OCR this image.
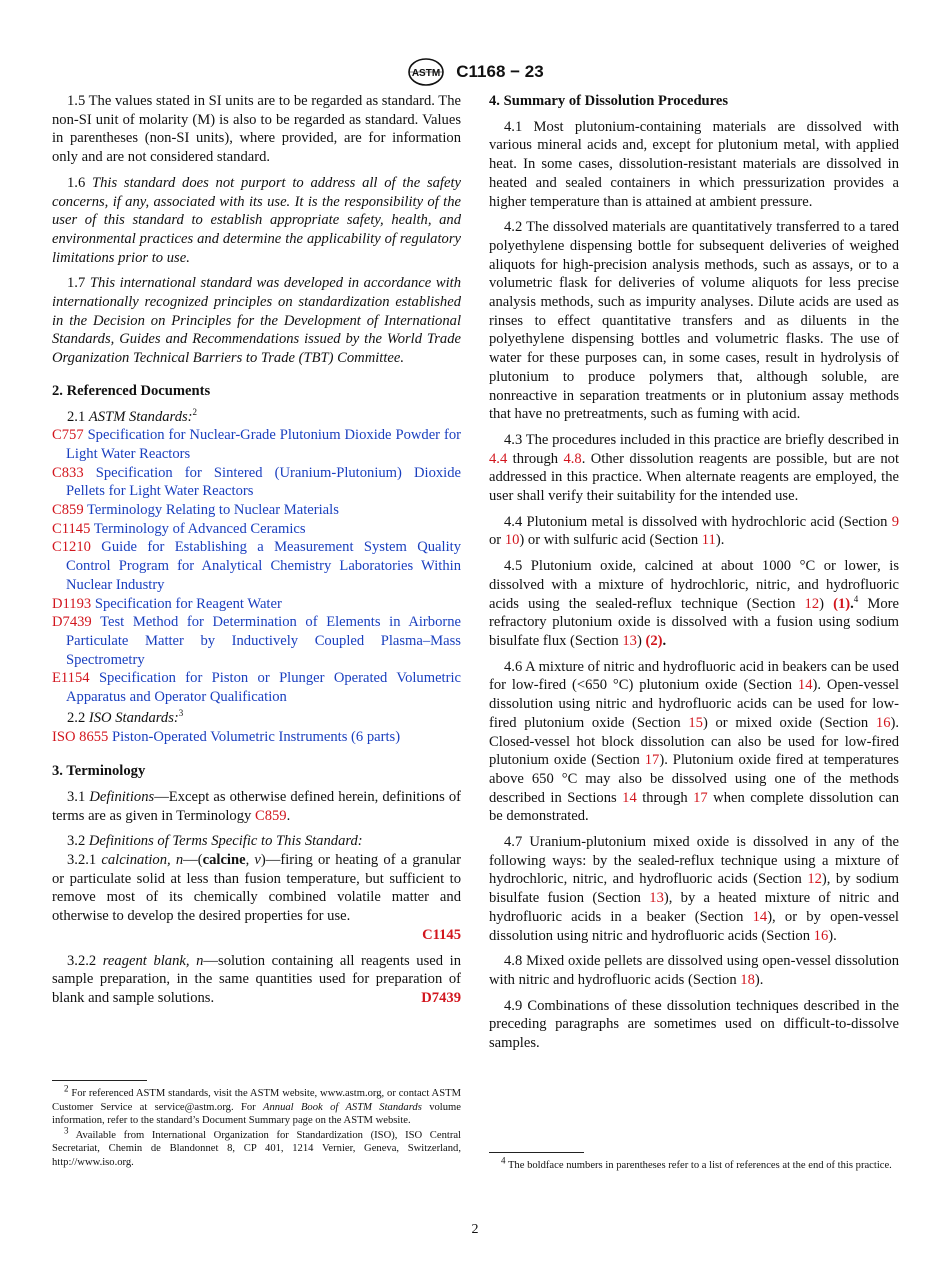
ASTM C1168 − 23

1.5 The values stated in SI units are to be regarded as standard. The non-SI unit of molarity (M) is also to be regarded as standard. Values in parentheses (non-SI units), where provided, are for information only and are not considered standard.

1.6 This standard does not purport to address all of the safety concerns, if any, associated with its use. It is the responsibility of the user of this standard to establish appropriate safety, health, and environmental practices and determine the applicability of regulatory limitations prior to use.

1.7 This international standard was developed in accordance with internationally recognized principles on standardization established in the Decision on Principles for the Development of International Standards, Guides and Recommendations issued by the World Trade Organization Technical Barriers to Trade (TBT) Committee.

2. Referenced Documents

2.1 ASTM Standards:$^2$

C757 Specification for Nuclear-Grade Plutonium Dioxide Powder for Light Water Reactors
C833 Specification for Sintered (Uranium-Plutonium) Dioxide Pellets for Light Water Reactors
C859 Terminology Relating to Nuclear Materials
C1145 Terminology of Advanced Ceramics
C1210 Guide for Establishing a Measurement System Quality Control Program for Analytical Chemistry Laboratories Within Nuclear Industry
D1193 Specification for Reagent Water
D7439 Test Method for Determination of Elements in Airborne Particulate Matter by Inductively Coupled Plasma–Mass Spectrometry
E1154 Specification for Piston or Plunger Operated Volumetric Apparatus and Operator Qualification

2.2 ISO Standards:$^3$

ISO 8655 Piston-Operated Volumetric Instruments (6 parts)
3. Terminology

3.1 Definitions—Except as otherwise defined herein, definitions of terms are as given in Terminology C859.

3.2 Definitions of Terms Specific to This Standard:

3.2.1 calcination, n—(calcine, v)—firing or heating of a granular or particulate solid at less than fusion temperature, but sufficient to remove most of its chemically combined volatile matter and otherwise to develop the desired properties for use.

C1145

3.2.2 reagent blank, n—solution containing all reagents used in sample preparation, in the same quantities used for preparation of blank and sample solutions.	D7439

4. Summary of Dissolution Procedures

4.1 Most plutonium-containing materials are dissolved with various mineral acids and, except for plutonium metal, with applied heat. In some cases, dissolution-resistant materials are dissolved in heated and sealed containers in which pressurization provides a higher temperature than is attained at ambient pressure.

4.2 The dissolved materials are quantitatively transferred to a tared polyethylene dispensing bottle for subsequent deliveries of weighed aliquots for high-precision analysis methods, such as assays, or to a volumetric flask for deliveries of volume aliquots for less precise analysis methods, such as impurity analyses. Dilute acids are used as rinses to effect quantitative transfers and as diluents in the polyethylene dispensing bottles and volumetric flasks. The use of water for these purposes can, in some cases, result in hydrolysis of plutonium to produce polymers that, although soluble, are nonreactive in separation treatments or in plutonium assay methods that have no pretreatments, such as fuming with acid.

4.3 The procedures included in this practice are briefly described in 4.4 through 4.8. Other dissolution reagents are possible, but are not addressed in this practice. When alternate reagents are employed, the user shall verify their suitability for the intended use.

4.4 Plutonium metal is dissolved with hydrochloric acid (Section 9 or 10) or with sulfuric acid (Section 11).

4.5 Plutonium oxide, calcined at about 1000 °C or lower, is dissolved with a mixture of hydrochloric, nitric, and hydrofluoric acids using the sealed-reflux technique (Section 12) (1).$^4$ More refractory plutonium oxide is dissolved with a fusion using sodium bisulfate flux (Section 13) (2).

4.6 A mixture of nitric and hydrofluoric acid in beakers can be used for low-fired (<650 °C) plutonium oxide (Section 14). Open-vessel dissolution using nitric and hydrofluoric acids can be used for low-fired plutonium oxide (Section 15) or mixed oxide (Section 16). Closed-vessel hot block dissolution can also be used for low-fired plutonium oxide (Section 17). Plutonium oxide fired at temperatures above 650 °C may also be dissolved using one of the methods described in Sections 14 through 17 when complete dissolution can be demonstrated.

4.7 Uranium-plutonium mixed oxide is dissolved in any of the following ways: by the sealed-reflux technique using a mixture of hydrochloric, nitric, and hydrofluoric acids (Section 12), by sodium bisulfate fusion (Section 13), by a heated mixture of nitric and hydrofluoric acids in a beaker (Section 14), or by open-vessel dissolution using nitric and hydrofluoric acids (Section 16).

4.8 Mixed oxide pellets are dissolved using open-vessel dissolution with nitric and hydrofluoric acids (Section 18).

4.9 Combinations of these dissolution techniques described in the preceding paragraphs are sometimes used on difficult-to-dissolve samples.

$^2$ For referenced ASTM standards, visit the ASTM website, www.astm.org, or contact ASTM Customer Service at service@astm.org. For Annual Book of ASTM Standards volume information, refer to the standard’s Document Summary page on the ASTM website.

$^3$ Available from International Organization for Standardization (ISO), ISO Central Secretariat, Chemin de Blandonnet 8, CP 401, 1214 Vernier, Geneva, Switzerland, http://www.iso.org.	$^4$ The boldface numbers in parentheses refer to a list of references at the end of this practice.

2
